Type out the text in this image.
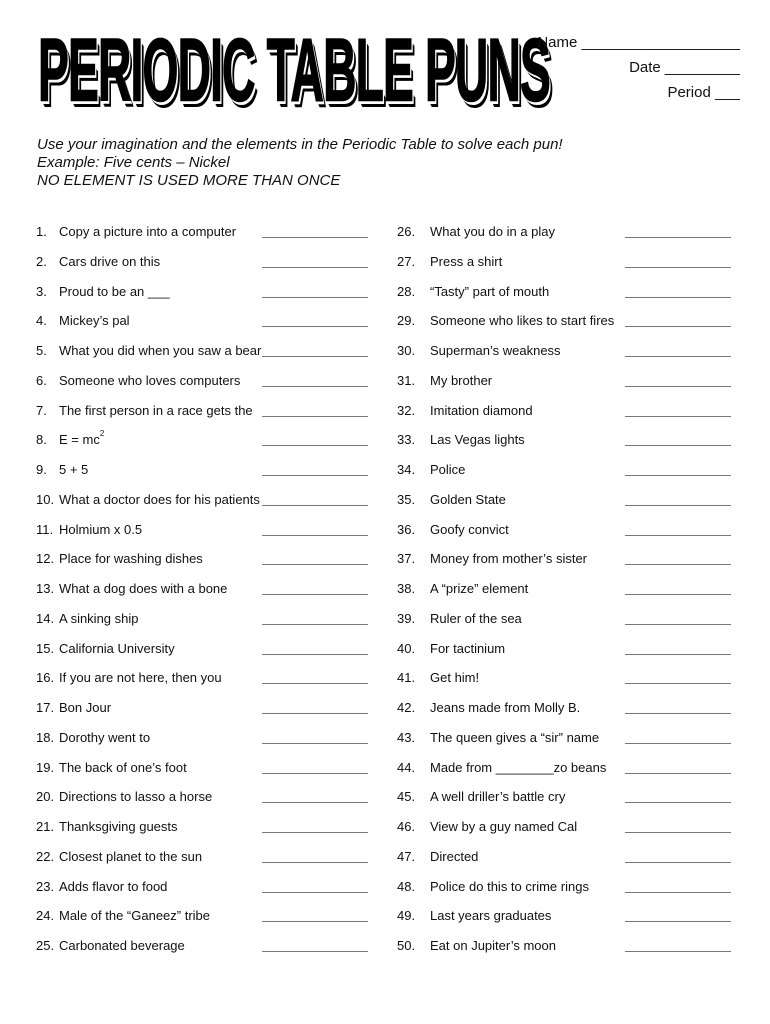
PERIODIC TABLE PUNS
Name ___________________
Date _________
Period ___
Use your imagination and the elements in the Periodic Table to solve each pun!
Example: Five cents – Nickel
NO ELEMENT IS USED MORE THAN ONCE
1. Copy a picture into a computer
2. Cars drive on this
3. Proud to be an ___
4. Mickey’s pal
5. What you did when you saw a bear
6. Someone who loves computers
7. The first person in a race gets the
8. $E = mc^2$
9. 5 + 5
10. What a doctor does for his patients
11. Holmium x 0.5
12. Place for washing dishes
13. What a dog does with a bone
14. A sinking ship
15. California University
16. If you are not here, then you
17. Bon Jour
18. Dorothy went to
19. The back of one’s foot
20. Directions to lasso a horse
21. Thanksgiving guests
22. Closest planet to the sun
23. Adds flavor to food
24. Male of the “Ganeez” tribe
25. Carbonated beverage
26. What you do in a play
27. Press a shirt
28. “Tasty” part of mouth
29. Someone who likes to start fires
30. Superman’s weakness
31. My brother
32. Imitation diamond
33. Las Vegas lights
34. Police
35. Golden State
36. Goofy convict
37. Money from mother’s sister
38. A “prize” element
39. Ruler of the sea
40. For tactinium
41. Get him!
42. Jeans made from Molly B.
43. The queen gives a “sir” name
44. Made from ________zo beans
45. A well driller’s battle cry
46. View by a guy named Cal
47. Directed
48. Police do this to crime rings
49. Last years graduates
50. Eat on Jupiter’s moon
